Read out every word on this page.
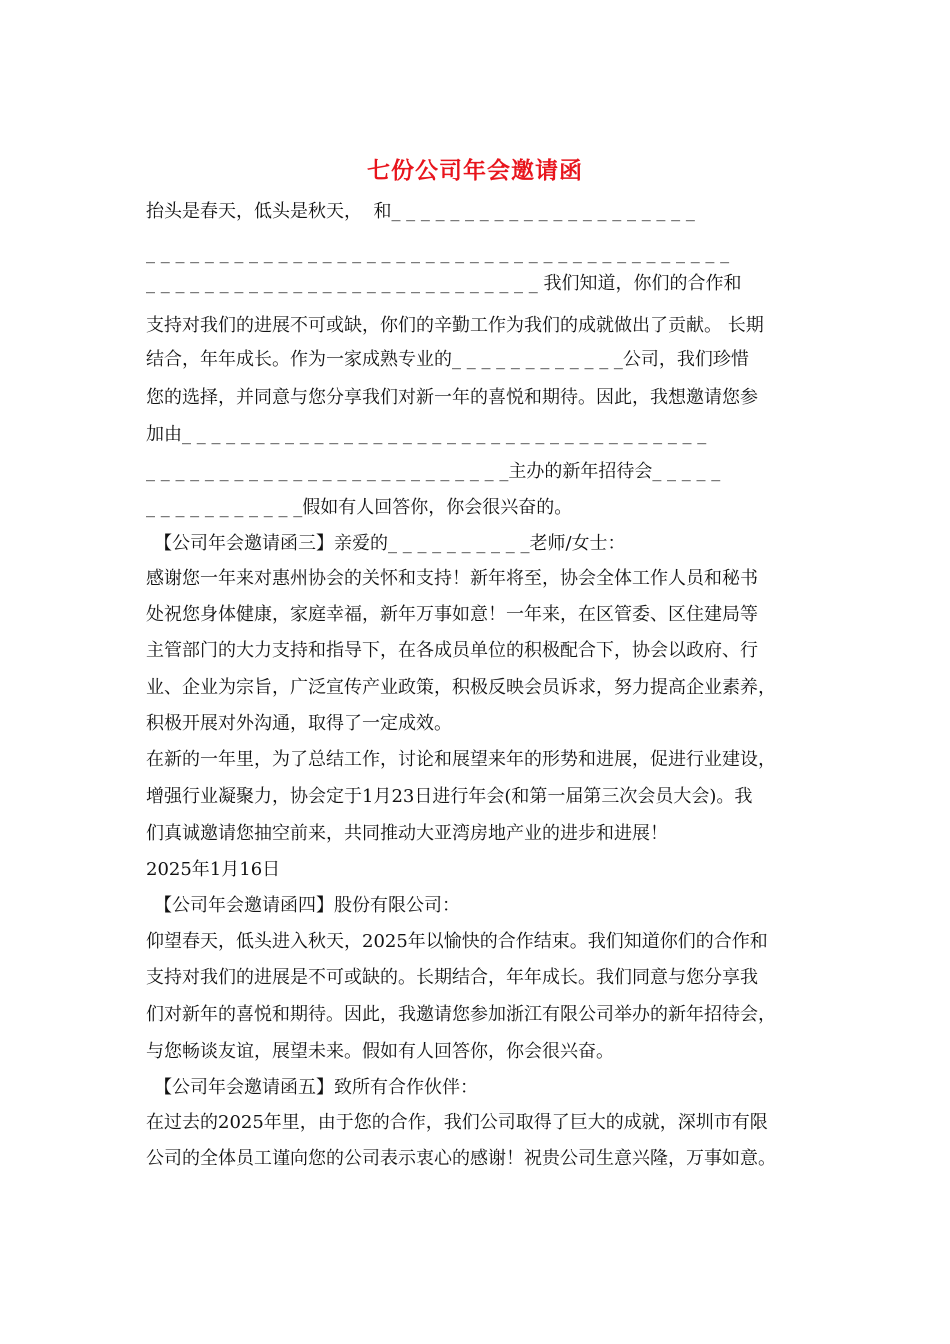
七份公司年会邀请函
抬头是春天，低头是秋天，  和_ _ _ _ _ _ _ _ _ _ _ _ _ _ _ _ _ _ _ _ _
_ _ _ _ _ _ _ _ _ _ _ _ _ _ _ _ _ _ _ _ _ _ _ _ _ _ _ _ _ _ _ _ _ _ _ _ _ _ _ _
_ _ _ _ _ _ _ _ _ _ _ _ _ _ _ _ _ _ _ _ _ _ _ _ _ _ _ 我们知道，你们的合作和
支持对我们的进展不可或缺，你们的辛勤工作为我们的成就做出了贡献。 长期
结合，年年成长。作为一家成熟专业的_ _ _ _ _ _ _ _ _ _ _ _公司，我们珍惜
您的选择，并同意与您分享我们对新一年的喜悦和期待。因此，我想邀请您参
加由_ _ _ _ _ _ _ _ _ _ _ _ _ _ _ _ _ _ _ _ _ _ _ _ _ _ _ _ _ _ _ _ _ _ _ _
_ _ _ _ _ _ _ _ _ _ _ _ _ _ _ _ _ _ _ _ _ _ _ _ _主办的新年招待会_ _ _ _ _
_ _ _ _ _ _ _ _ _ _ _假如有人回答你，你会很兴奋的。
【公司年会邀请函三】亲爱的_ _ _ _ _ _ _ _ _ _老师/女士：
感谢您一年来对惠州协会的关怀和支持！新年将至，协会全体工作人员和秘书
处祝您身体健康，家庭幸福，新年万事如意！一年来，在区管委、区住建局等
主管部门的大力支持和指导下，在各成员单位的积极配合下，协会以政府、行
业、企业为宗旨，广泛宣传产业政策，积极反映会员诉求，努力提高企业素养，
积极开展对外沟通，取得了一定成效。
在新的一年里，为了总结工作，讨论和展望来年的形势和进展，促进行业建设，
增强行业凝聚力，协会定于1月23日进行年会(和第一届第三次会员大会)。我
们真诚邀请您抽空前来，共同推动大亚湾房地产业的进步和进展！
2025年1月16日
【公司年会邀请函四】股份有限公司：
仰望春天，低头进入秋天，2025年以愉快的合作结束。我们知道你们的合作和
支持对我们的进展是不可或缺的。长期结合，年年成长。我们同意与您分享我
们对新年的喜悦和期待。因此，我邀请您参加浙江有限公司举办的新年招待会，
与您畅谈友谊，展望未来。假如有人回答你，你会很兴奋。
【公司年会邀请函五】致所有合作伙伴：
在过去的2025年里，由于您的合作，我们公司取得了巨大的成就，深圳市有限
公司的全体员工谨向您的公司表示衷心的感谢！祝贵公司生意兴隆，万事如意。
